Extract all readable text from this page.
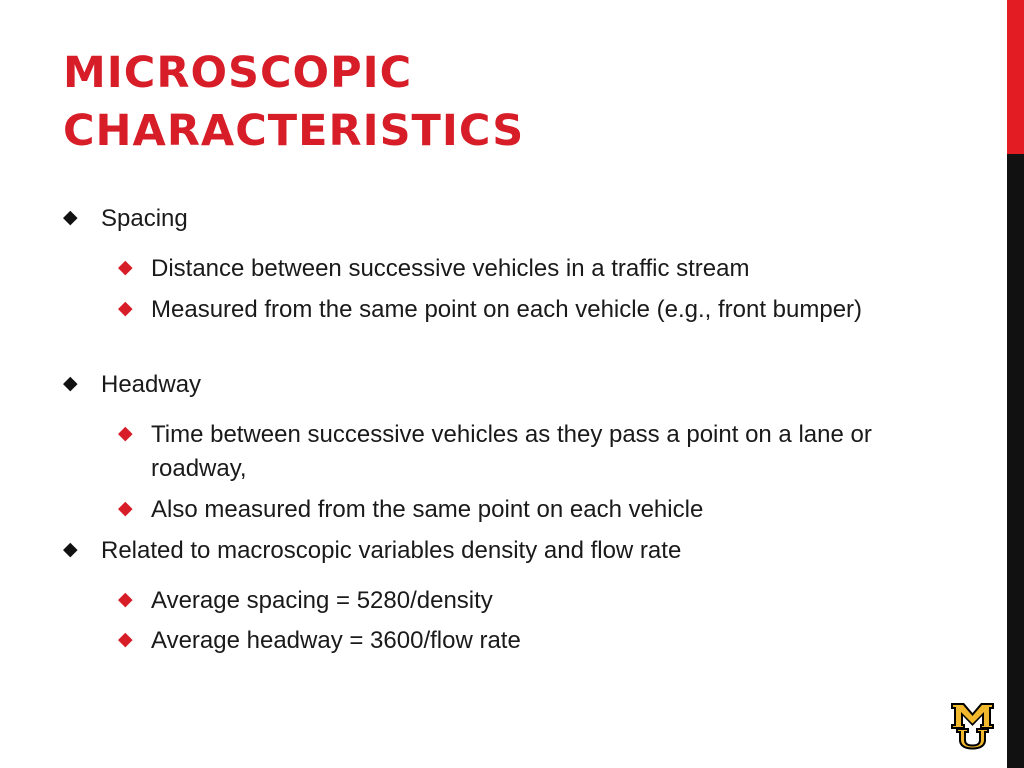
MICROSCOPIC
CHARACTERISTICS
◆ Spacing
◆ Distance between successive vehicles in a traffic stream
◆ Measured from the same point on each vehicle (e.g., front bumper)
◆ Headway
◆ Time between successive vehicles as they pass a point on a lane or roadway,
◆ Also measured from the same point on each vehicle
◆ Related to macroscopic variables density and flow rate
◆ Average spacing = 5280/density
◆ Average headway = 3600/flow rate
